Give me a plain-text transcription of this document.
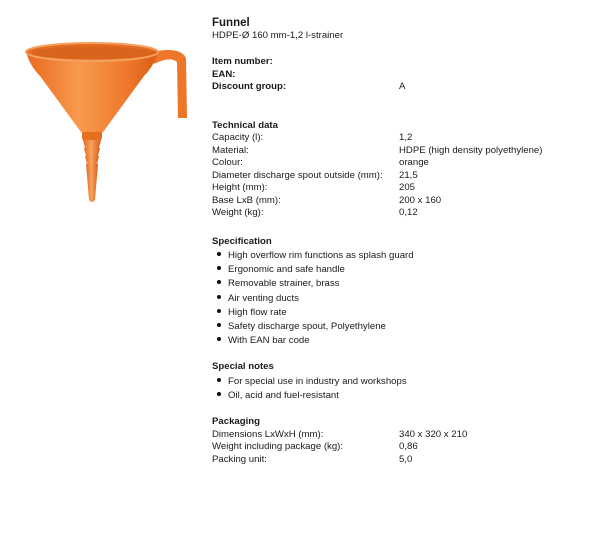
Funnel
HDPE-Ø 160 mm-1,2 l-strainer
Item number:
EAN:
Discount group:	A
Technical data
Capacity (l):	1,2
Material:	HDPE (high density polyethylene)
Colour:	orange
Diameter discharge spout outside (mm):	21,5
Height (mm):	205
Base LxB (mm):	200 x 160
Weight (kg):	0,12
Specification
High overflow rim functions as splash guard
Ergonomic and safe handle
Removable strainer, brass
Air venting ducts
High flow rate
Safety discharge spout, Polyethylene
With EAN bar code
Special notes
For special use in industry and workshops
Oil, acid and fuel-resistant
Packaging
Dimensions LxWxH (mm):	340 x 320 x 210
Weight including package (kg):	0,86
Packing unit:	5,0
